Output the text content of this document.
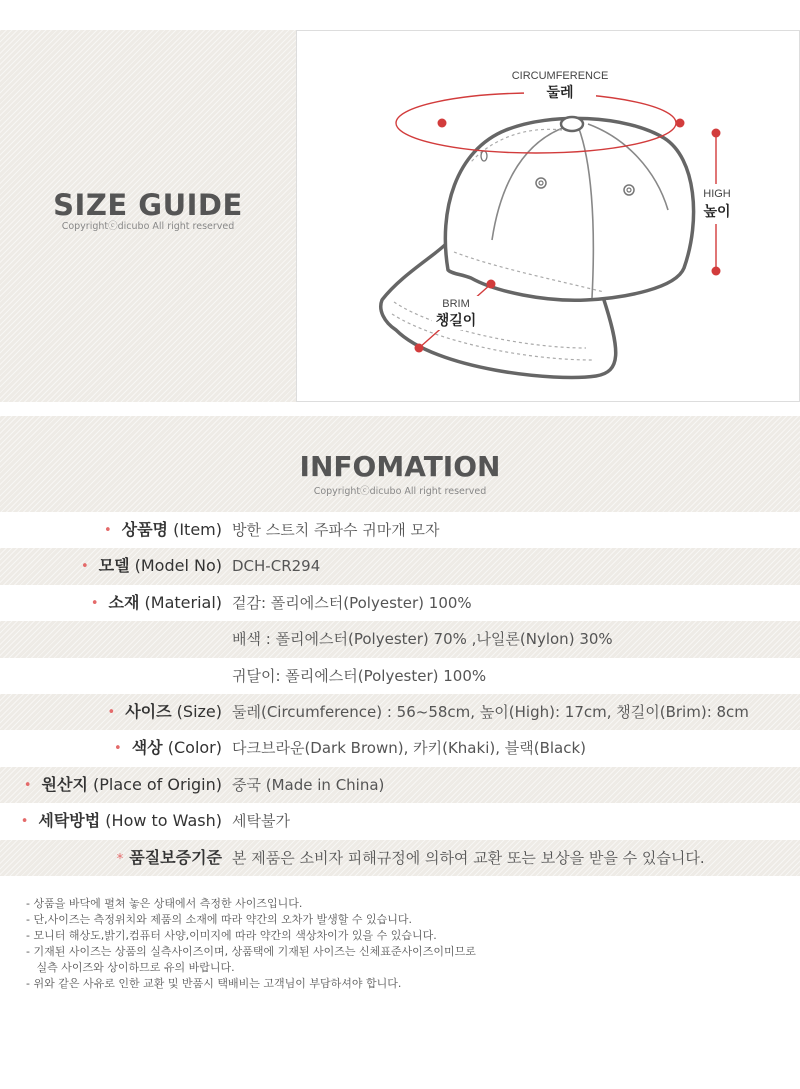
SIZE GUIDE
Copyrightⓒdicubo All right reserved
CIRCUMFERENCE
둘레
HIGH
높이
BRIM
챙길이
INFOMATION
Copyrightⓒdicubo All right reserved
• 상품명 (Item) 방한 스트치 주파수 귀마개 모자
• 모델 (Model No) DCH-CR294
• 소재 (Material) 겉감: 폴리에스터(Polyester) 100%
배색 : 폴리에스터(Polyester) 70% ,나일론(Nylon) 30%
귀달이: 폴리에스터(Polyester) 100%
• 사이즈 (Size) 둘레(Circumference) : 56~58cm, 높이(High): 17cm, 챙길이(Brim): 8cm
• 색상 (Color) 다크브라운(Dark Brown), 카키(Khaki), 블랙(Black)
• 원산지 (Place of Origin) 중국 (Made in China)
• 세탁방법 (How to Wash) 세탁불가
* 품질보증기준 본 제품은 소비자 피해규정에 의하여 교환 또는 보상을 받을 수 있습니다.
- 상품을 바닥에 펼쳐 놓은 상태에서 측정한 사이즈입니다.
- 단,사이즈는 측정위치와 제품의 소재에 따라 약간의 오차가 발생할 수 있습니다.
- 모니터 해상도,밝기,컴퓨터 사양,이미지에 따라 약간의 색상차이가 있을 수 있습니다.
- 기재된 사이즈는 상품의 실측사이즈이며, 상품택에 기재된 사이즈는 신체표준사이즈이미므로
실측 사이즈와 상이하므로 유의 바랍니다.
- 위와 같은 사유로 인한 교환 및 반품시 택배비는 고객님이 부담하셔야 합니다.
